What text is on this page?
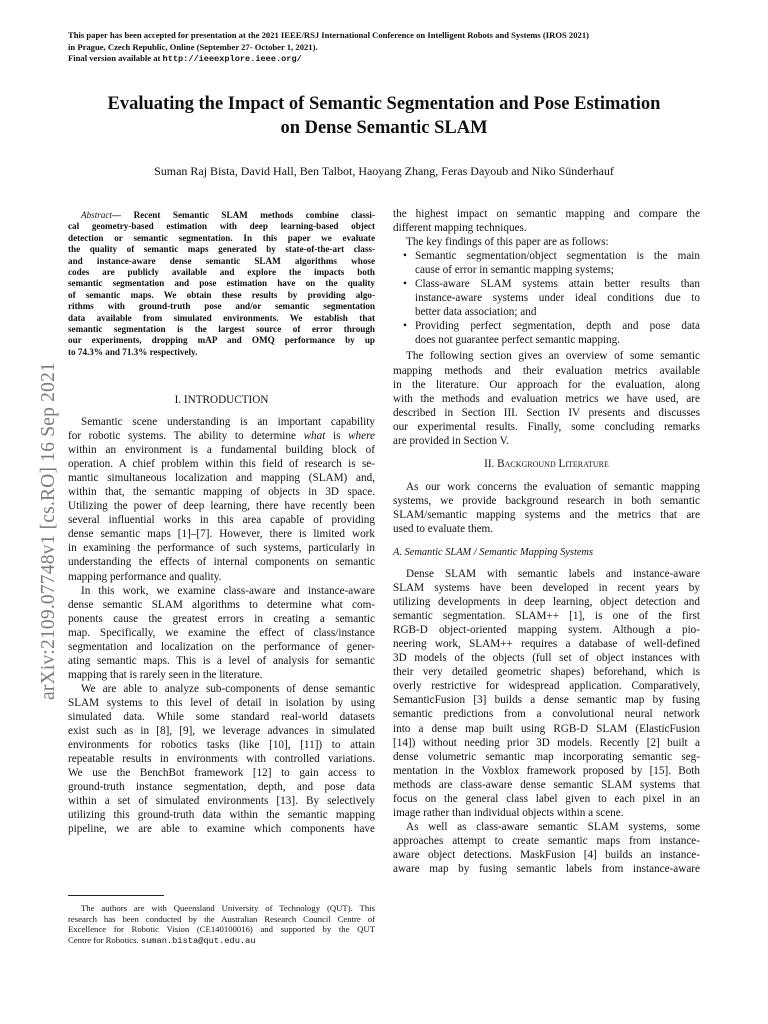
This paper has been accepted for presentation at the 2021 IEEE/RSJ International Conference on Intelligent Robots and Systems (IROS 2021)
in Prague, Czech Republic, Online (September 27- October 1, 2021).
Final version available at http://ieeexplore.ieee.org/
Evaluating the Impact of Semantic Segmentation and Pose Estimation
on Dense Semantic SLAM
Suman Raj Bista, David Hall, Ben Talbot, Haoyang Zhang, Feras Dayoub and Niko Sünderhauf
arXiv:2109.07748v1 [cs.RO] 16 Sep 2021
Abstract— Recent Semantic SLAM methods combine classi-
cal geometry-based estimation with deep learning-based object
detection or semantic segmentation. In this paper we evaluate
the quality of semantic maps generated by state-of-the-art class-
and instance-aware dense semantic SLAM algorithms whose
codes are publicly available and explore the impacts both
semantic segmentation and pose estimation have on the quality
of semantic maps. We obtain these results by providing algo-
rithms with ground-truth pose and/or semantic segmentation
data available from simulated environments. We establish that
semantic segmentation is the largest source of error through
our experiments, dropping mAP and OMQ performance by up
to 74.3% and 71.3% respectively.
I. INTRODUCTION
Semantic scene understanding is an important capability
for robotic systems. The ability to determine what is where
within an environment is a fundamental building block of
operation. A chief problem within this field of research is se-
mantic simultaneous localization and mapping (SLAM) and,
within that, the semantic mapping of objects in 3D space.
Utilizing the power of deep learning, there have recently been
several influential works in this area capable of providing
dense semantic maps [1]–[7]. However, there is limited work
in examining the performance of such systems, particularly in
understanding the effects of internal components on semantic
mapping performance and quality.
In this work, we examine class-aware and instance-aware
dense semantic SLAM algorithms to determine what com-
ponents cause the greatest errors in creating a semantic
map. Specifically, we examine the effect of class/instance
segmentation and localization on the performance of gener-
ating semantic maps. This is a level of analysis for semantic
mapping that is rarely seen in the literature.
We are able to analyze sub-components of dense semantic
SLAM systems to this level of detail in isolation by using
simulated data. While some standard real-world datasets
exist such as in [8], [9], we leverage advances in simulated
environments for robotics tasks (like [10], [11]) to attain
repeatable results in environments with controlled variations.
We use the BenchBot framework [12] to gain access to
ground-truth instance segmentation, depth, and pose data
within a set of simulated environments [13]. By selectively
utilizing this ground-truth data within the semantic mapping
pipeline, we are able to examine which components have
The authors are with Queensland University of Technology (QUT). This
research has been conducted by the Australian Research Council Centre of
Excellence for Robotic Vision (CE140100016) and supported by the QUT
Centre for Robotics. suman.bista@qut.edu.au
the highest impact on semantic mapping and compare the
different mapping techniques.
The key findings of this paper are as follows:
• Semantic segmentation/object segmentation is the main
cause of error in semantic mapping systems;
• Class-aware SLAM systems attain better results than
instance-aware systems under ideal conditions due to
better data association; and
• Providing perfect segmentation, depth and pose data
does not guarantee perfect semantic mapping.
The following section gives an overview of some semantic
mapping methods and their evaluation metrics available
in the literature. Our approach for the evaluation, along
with the methods and evaluation metrics we have used, are
described in Section III. Section IV presents and discusses
our experimental results. Finally, some concluding remarks
are provided in Section V.
II. Background Literature
As our work concerns the evaluation of semantic mapping
systems, we provide background research in both semantic
SLAM/semantic mapping systems and the metrics that are
used to evaluate them.
A. Semantic SLAM / Semantic Mapping Systems
Dense SLAM with semantic labels and instance-aware
SLAM systems have been developed in recent years by
utilizing developments in deep learning, object detection and
semantic segmentation. SLAM++ [1], is one of the first
RGB-D object-oriented mapping system. Although a pio-
neering work, SLAM++ requires a database of well-defined
3D models of the objects (full set of object instances with
their very detailed geometric shapes) beforehand, which is
overly restrictive for widespread application. Comparatively,
SemanticFusion [3] builds a dense semantic map by fusing
semantic predictions from a convolutional neural network
into a dense map built using RGB-D SLAM (ElasticFusion
[14]) without needing prior 3D models. Recently [2] built a
dense volumetric semantic map incorporating semantic seg-
mentation in the Voxblox framework proposed by [15]. Both
methods are class-aware dense semantic SLAM systems that
focus on the general class label given to each pixel in an
image rather than individual objects within a scene.
As well as class-aware semantic SLAM systems, some
approaches attempt to create semantic maps from instance-
aware object detections. MaskFusion [4] builds an instance-
aware map by fusing semantic labels from instance-aware
